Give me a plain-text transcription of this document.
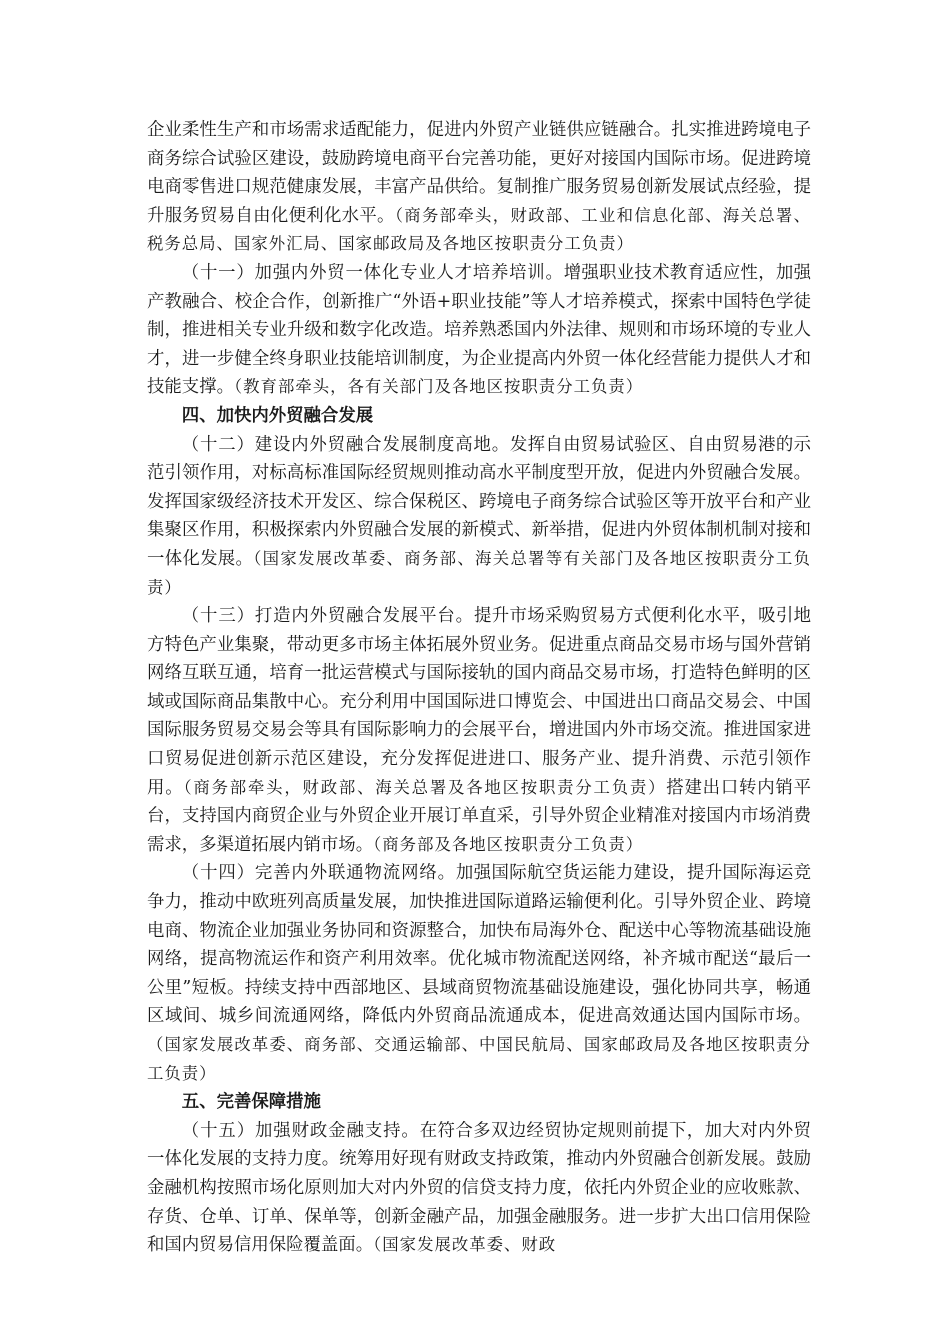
企业柔性生产和市场需求适配能力，促进内外贸产业链供应链融合。扎实推进跨境电子商务综合试验区建设，鼓励跨境电商平台完善功能，更好对接国内国际市场。促进跨境电商零售进口规范健康发展，丰富产品供给。复制推广服务贸易创新发展试点经验，提升服务贸易自由化便利化水平。（商务部牵头，财政部、工业和信息化部、海关总署、税务总局、国家外汇局、国家邮政局及各地区按职责分工负责）

（十一）加强内外贸一体化专业人才培养培训。增强职业技术教育适应性，加强产教融合、校企合作，创新推广“外语+职业技能”等人才培养模式，探索中国特色学徒制，推进相关专业升级和数字化改造。培养熟悉国内外法律、规则和市场环境的专业人才，进一步健全终身职业技能培训制度，为企业提高内外贸一体化经营能力提供人才和技能支撑。（教育部牵头，各有关部门及各地区按职责分工负责）

四、加快内外贸融合发展

（十二）建设内外贸融合发展制度高地。发挥自由贸易试验区、自由贸易港的示范引领作用，对标高标准国际经贸规则推动高水平制度型开放，促进内外贸融合发展。发挥国家级经济技术开发区、综合保税区、跨境电子商务综合试验区等开放平台和产业集聚区作用，积极探索内外贸融合发展的新模式、新举措，促进内外贸体制机制对接和一体化发展。（国家发展改革委、商务部、海关总署等有关部门及各地区按职责分工负责）

（十三）打造内外贸融合发展平台。提升市场采购贸易方式便利化水平，吸引地方特色产业集聚，带动更多市场主体拓展外贸业务。促进重点商品交易市场与国外营销网络互联互通，培育一批运营模式与国际接轨的国内商品交易市场，打造特色鲜明的区域或国际商品集散中心。充分利用中国国际进口博览会、中国进出口商品交易会、中国国际服务贸易交易会等具有国际影响力的会展平台，增进国内外市场交流。推进国家进口贸易促进创新示范区建设，充分发挥促进进口、服务产业、提升消费、示范引领作用。（商务部牵头，财政部、海关总署及各地区按职责分工负责）搭建出口转内销平台，支持国内商贸企业与外贸企业开展订单直采，引导外贸企业精准对接国内市场消费需求，多渠道拓展内销市场。（商务部及各地区按职责分工负责）

（十四）完善内外联通物流网络。加强国际航空货运能力建设，提升国际海运竞争力，推动中欧班列高质量发展，加快推进国际道路运输便利化。引导外贸企业、跨境电商、物流企业加强业务协同和资源整合，加快布局海外仓、配送中心等物流基础设施网络，提高物流运作和资产利用效率。优化城市物流配送网络，补齐城市配送“最后一公里”短板。持续支持中西部地区、县域商贸物流基础设施建设，强化协同共享，畅通区域间、城乡间流通网络，降低内外贸商品流通成本，促进高效通达国内国际市场。（国家发展改革委、商务部、交通运输部、中国民航局、国家邮政局及各地区按职责分工负责）

五、完善保障措施

（十五）加强财政金融支持。在符合多双边经贸协定规则前提下，加大对内外贸一体化发展的支持力度。统筹用好现有财政支持政策，推动内外贸融合创新发展。鼓励金融机构按照市场化原则加大对内外贸的信贷支持力度，依托内外贸企业的应收账款、存货、仓单、订单、保单等，创新金融产品，加强金融服务。进一步扩大出口信用保险和国内贸易信用保险覆盖面。（国家发展改革委、财政
